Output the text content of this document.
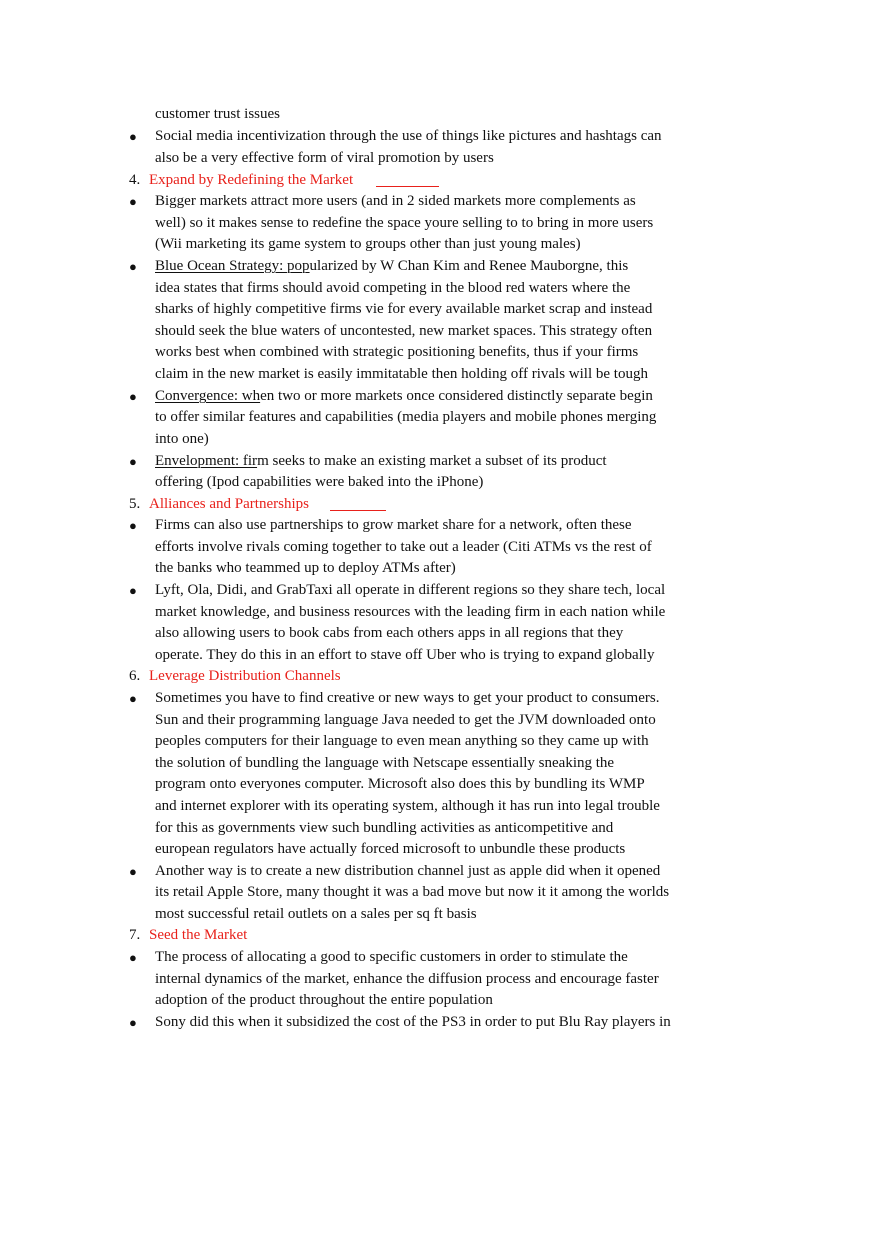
customer trust issues
● Social media incentivization through the use of things like pictures and hashtags can
also be a very effective form of viral promotion by users
4. Expand by Redefining the Market
● Bigger markets attract more users (and in 2 sided markets more complements as
well) so it makes sense to redefine the space youre selling to to bring in more users
(Wii marketing its game system to groups other than just young males)
● Blue Ocean Strategy: popularized by W Chan Kim and Renee Mauborgne, this
idea states that firms should avoid competing in the blood red waters where the
sharks of highly competitive firms vie for every available market scrap and instead
should seek the blue waters of uncontested, new market spaces. This strategy often
works best when combined with strategic positioning benefits, thus if your firms
claim in the new market is easily immitatable then holding off rivals will be tough
● Convergence: when two or more markets once considered distinctly separate begin
to offer similar features and capabilities (media players and mobile phones merging
into one)
● Envelopment: firm seeks to make an existing market a subset of its product
offering (Ipod capabilities were baked into the iPhone)
5. Alliances and Partnerships
● Firms can also use partnerships to grow market share for a network, often these
efforts involve rivals coming together to take out a leader (Citi ATMs vs the rest of
the banks who teammed up to deploy ATMs after)
● Lyft, Ola, Didi, and GrabTaxi all operate in different regions so they share tech, local
market knowledge, and business resources with the leading firm in each nation while
also allowing users to book cabs from each others apps in all regions that they
operate. They do this in an effort to stave off Uber who is trying to expand globally
6. Leverage Distribution Channels
● Sometimes you have to find creative or new ways to get your product to consumers.
Sun and their programming language Java needed to get the JVM downloaded onto
peoples computers for their language to even mean anything so they came up with
the solution of bundling the language with Netscape essentially sneaking the
program onto everyones computer. Microsoft also does this by bundling its WMP
and internet explorer with its operating system, although it has run into legal trouble
for this as governments view such bundling activities as anticompetitive and
european regulators have actually forced microsoft to unbundle these products
● Another way is to create a new distribution channel just as apple did when it opened
its retail Apple Store, many thought it was a bad move but now it it among the worlds
most successful retail outlets on a sales per sq ft basis
7. Seed the Market
● The process of allocating a good to specific customers in order to stimulate the
internal dynamics of the market, enhance the diffusion process and encourage faster
adoption of the product throughout the entire population
● Sony did this when it subsidized the cost of the PS3 in order to put Blu Ray players in
